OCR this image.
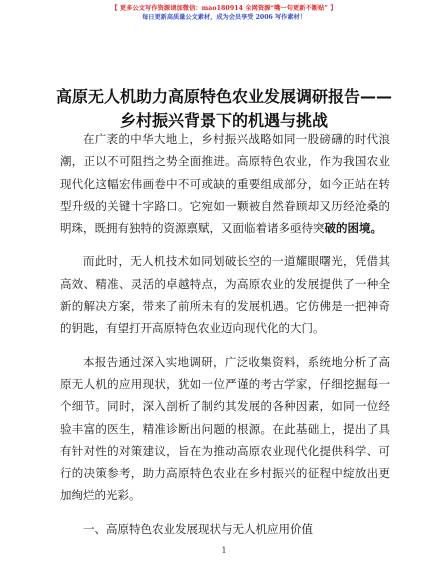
【 更多公文写作资源请加微信：mao180914 全网资源“嘴一句更新不断贴” 】
每日更新高质量公文素材，成为会员享受 2006 写作素材！
高原无人机助力高原特色农业发展调研报告——
乡村振兴背景下的机遇与挑战

在广袤的中华大地上，乡村振兴战略如同一股磅礴的时代浪潮，正以不可阻挡之势全面推进。高原特色农业，作为我国农业现代化这幅宏伟画卷中不可或缺的重要组成部分，如今正站在转型升级的关键十字路口。它宛如一颗被自然眷顾却又历经沧桑的明珠，既拥有独特的资源禀赋，又面临着诸多亟待突破的困境。

而此时，无人机技术如同划破长空的一道耀眼曙光，凭借其高效、精准、灵活的卓越特点，为高原农业的发展提供了一种全新的解决方案，带来了前所未有的发展机遇。它仿佛是一把神奇的钥匙，有望打开高原特色农业迈向现代化的大门。

本报告通过深入实地调研，广泛收集资料，系统地分析了高原无人机的应用现状，犹如一位严谨的考古学家，仔细挖掘每一个细节。同时，深入剖析了制约其发展的各种因素，如同一位经验丰富的医生，精准诊断出问题的根源。在此基础上，提出了具有针对性的对策建议，旨在为推动高原农业现代化提供科学、可行的决策参考，助力高原特色农业在乡村振兴的征程中绽放出更加绚烂的光彩。

一、高原特色农业发展现状与无人机应用价值
1
